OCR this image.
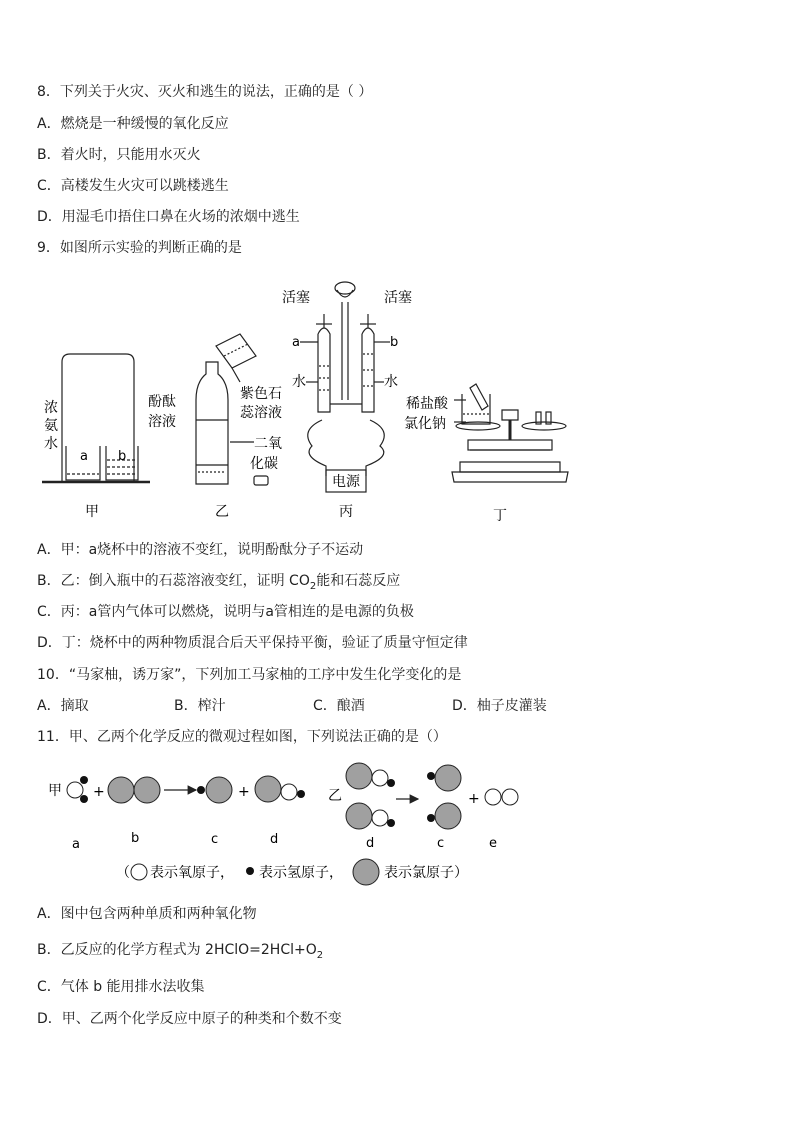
8．下列关于火灾、灭火和逃生的说法，正确的是（ ）
A．燃烧是一种缓慢的氧化反应
B．着火时，只能用水灭火
C．高楼发生火灾可以跳楼逃生
D．用湿毛巾捂住口鼻在火场的浓烟中逃生
9．如图所示实验的判断正确的是
甲	乙	丙	丁
浓
氨
水
酚酞
溶液
a b
紫色石
蕊溶液
二氧
化碳
活塞	活塞
a	b
水	水
电源
稀盐酸
氯化钠
A．甲：a烧杯中的溶液不变红，说明酚酞分子不运动
B．乙：倒入瓶中的石蕊溶液变红，证明 $CO_2$能和石蕊反应
C．丙：a管内气体可以燃烧，说明与a管相连的是电源的负极
D．丁：烧杯中的两种物质混合后天平保持平衡，验证了质量守恒定律
10．“马家柚，诱万家”，下列加工马家柚的工序中发生化学变化的是
A．摘取	B．榨汁	C．酿酒	D．柚子皮灌装
11．甲、乙两个化学反应的微观过程如图，下列说法正确的是（）
甲 +	+	乙	+
a	b	c	d	d	c	e
（ 表示氧原子， 表示氢原子，	表示氯原子）
A．图中包含两种单质和两种氧化物
B．乙反应的化学方程式为 $2HClO=2HCl+O_2$
C．气体 b 能用排水法收集
D．甲、乙两个化学反应中原子的种类和个数不变
